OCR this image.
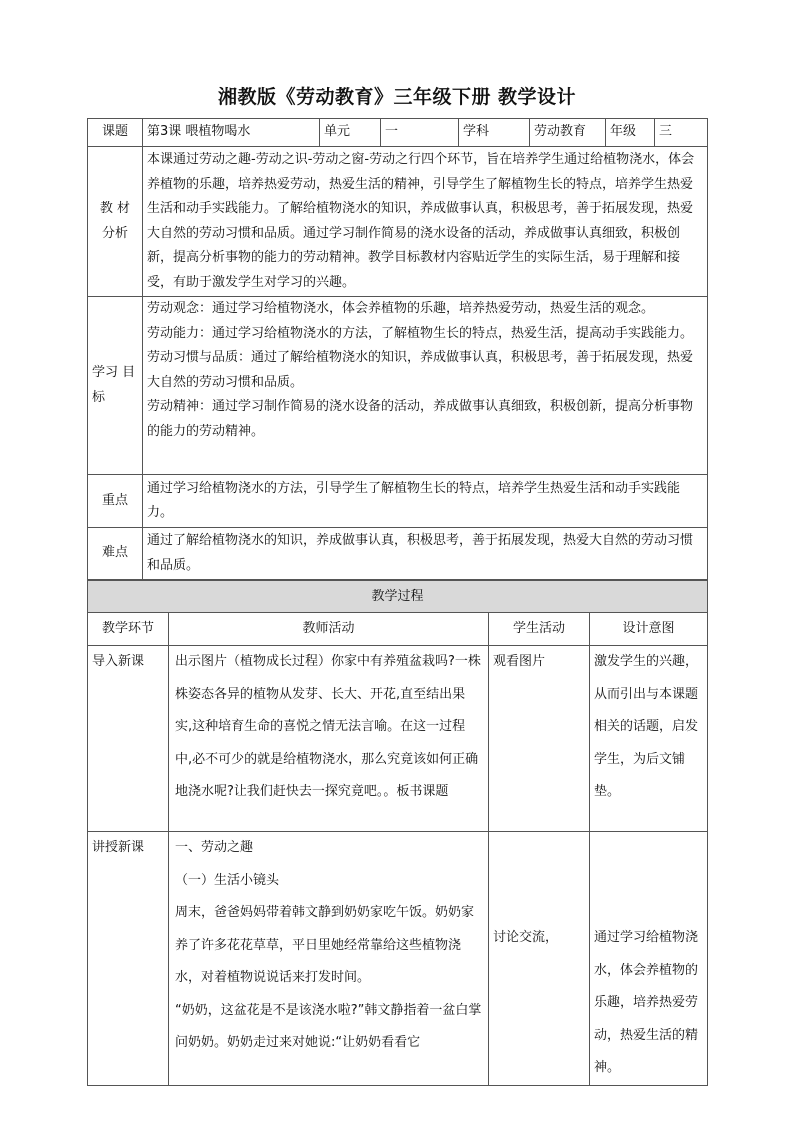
湘教版《劳动教育》三年级下册 教学设计
课题	第3课 喂植物喝水	单元	一	学科	劳动教育	年级	三
教 材 分析	本课通过劳动之趣-劳动之识-劳动之窗-劳动之行四个环节，旨在培养学生通过给植物浇水，体会养植物的乐趣，培养热爱劳动，热爱生活的精神，引导学生了解植物生长的特点，培养学生热爱生活和动手实践能力。了解给植物浇水的知识，养成做事认真，积极思考，善于拓展发现，热爱大自然的劳动习惯和品质。通过学习制作简易的浇水设备的活动，养成做事认真细致，积极创新，提高分析事物的能力的劳动精神。教学目标教材内容贴近学生的实际生活，易于理解和接受，有助于激发学生对学习的兴趣。						
学习 目标	劳动观念：通过学习给植物浇水，体会养植物的乐趣，培养热爱劳动，热爱生活的观念。

劳动能力：通过学习给植物浇水的方法，了解植物生长的特点，热爱生活，提高动手实践能力。

劳动习惯与品质：通过了解给植物浇水的知识，养成做事认真，积极思考，善于拓展发现，热爱大自然的劳动习惯和品质。

劳动精神：通过学习制作简易的浇水设备的活动，养成做事认真细致，积极创新，提高分析事物的能力的劳动精神。						

重点	通过学习给植物浇水的方法，引导学生了解植物生长的特点，培养学生热爱生活和动手实践能力。						
难点	通过了解给植物浇水的知识，养成做事认真，积极思考，善于拓展发现，热爱大自然的劳动习惯和品质。						
教学过程			
教学环节	教师活动	学生活动	设计意图
导入新课	出示图片（植物成长过程）你家中有养殖盆栽吗?一株株姿态各异的植物从发芽、长大、开花,直至结出果实,这种培育生命的喜悦之情无法言喻。在这一过程中,必不可少的就是给植物浇水，那么究竟该如何正确地浇水呢?让我们赶快去一探究竟吧。。板书课题	观看图片	激发学生的兴趣，从而引出与本课题相关的话题，启发学生，为后文铺垫。
讲授新课	一、劳动之趣

（一）生活小镜头

周末，爸爸妈妈带着韩文静到奶奶家吃午饭。奶奶家养了许多花花草草，平日里她经常靠给这些植物浇水，对着植物说说话来打发时间。

“奶奶，这盆花是不是该浇水啦?”韩文静指着一盆白掌问奶奶。奶奶走过来对她说:“让奶奶看看它	讨论交流，	通过学习给植物浇水，体会养植物的乐趣，培养热爱劳动，热爱生活的精神。
